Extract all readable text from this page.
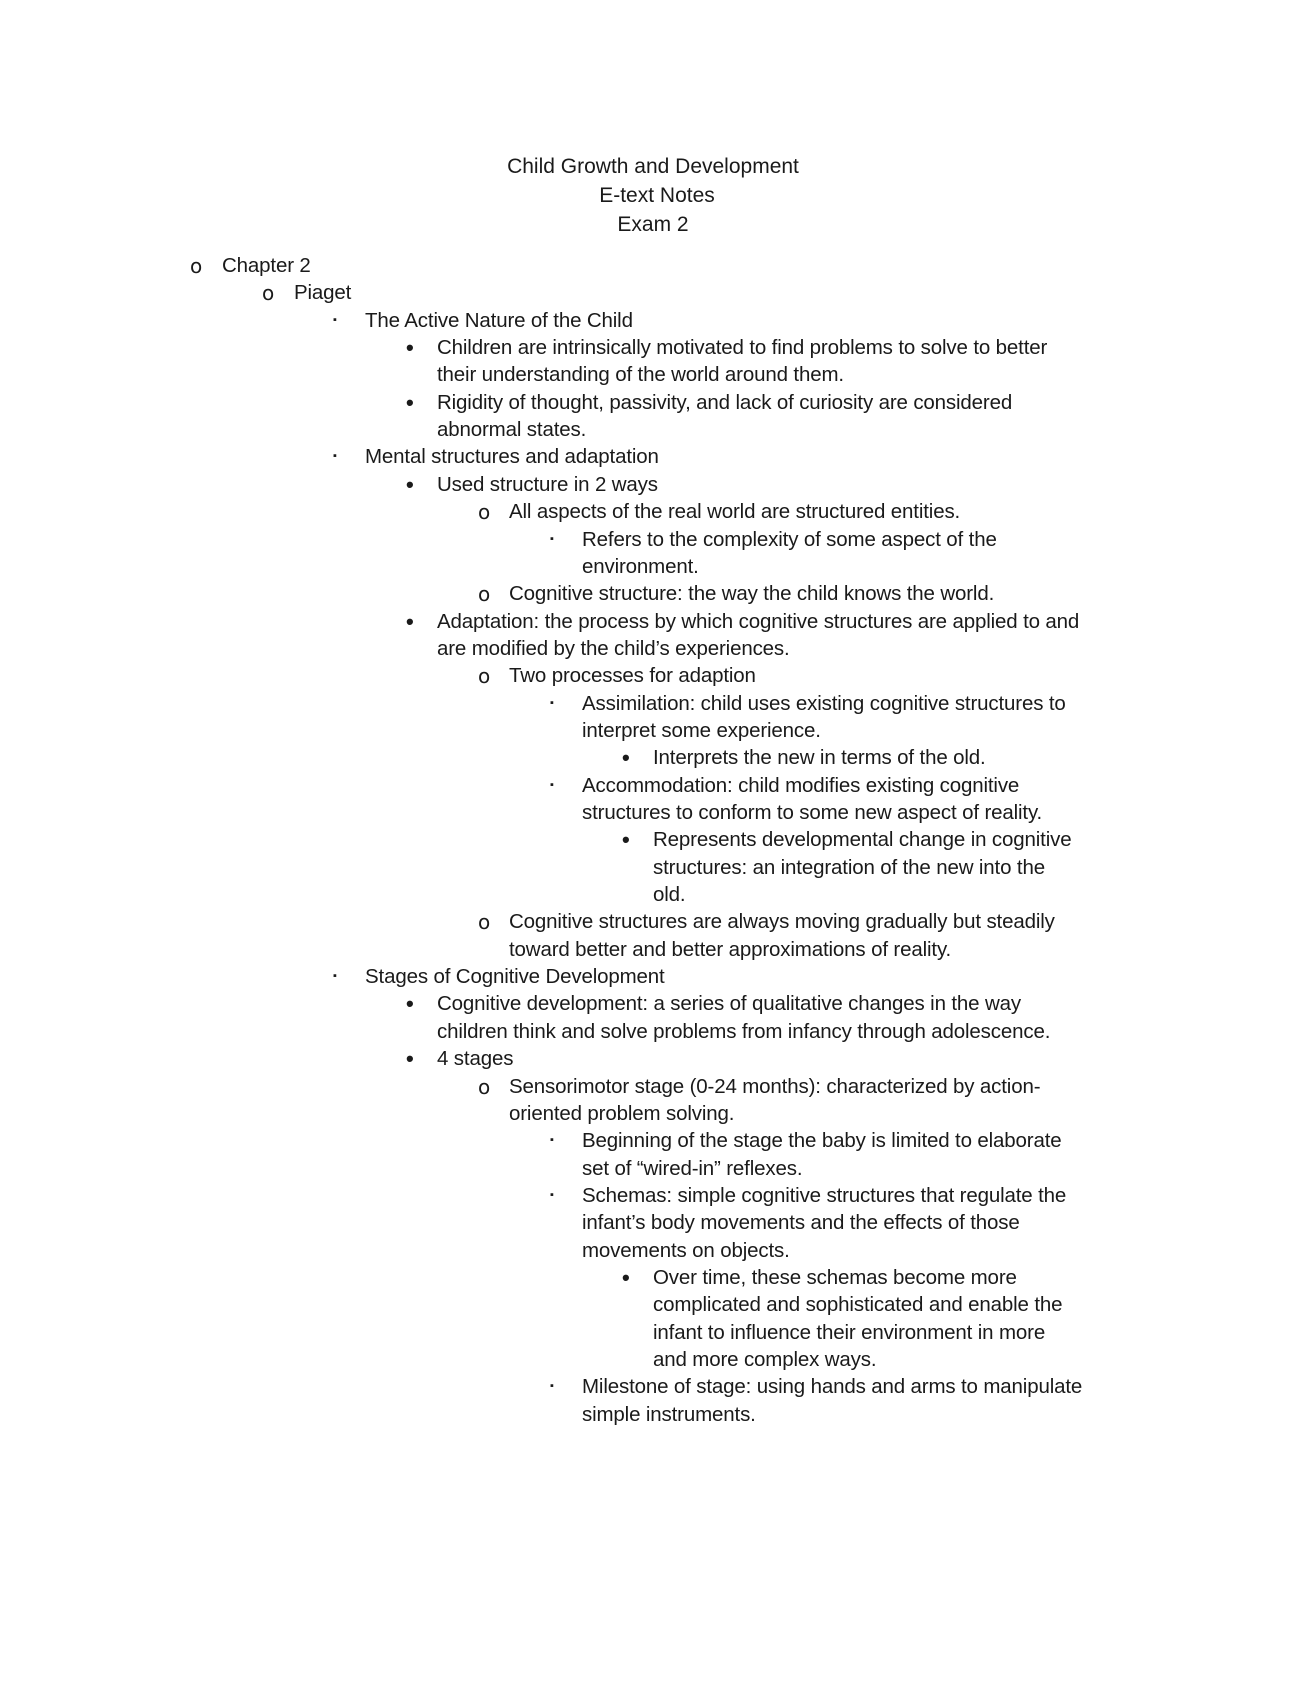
Child Growth and Development
E-text Notes
Exam 2
o Chapter 2
o Piaget
▪ The Active Nature of the Child
• Children are intrinsically motivated to find problems to solve to better
their understanding of the world around them.
• Rigidity of thought, passivity, and lack of curiosity are considered
abnormal states.
▪ Mental structures and adaptation
• Used structure in 2 ways
o All aspects of the real world are structured entities.
▪ Refers to the complexity of some aspect of the
environment.
o Cognitive structure: the way the child knows the world.
• Adaptation: the process by which cognitive structures are applied to and
are modified by the child’s experiences.
o Two processes for adaption
▪ Assimilation: child uses existing cognitive structures to
interpret some experience.
• Interprets the new in terms of the old.
▪ Accommodation: child modifies existing cognitive
structures to conform to some new aspect of reality.
• Represents developmental change in cognitive
structures: an integration of the new into the
old.
o Cognitive structures are always moving gradually but steadily
toward better and better approximations of reality.
▪ Stages of Cognitive Development
• Cognitive development: a series of qualitative changes in the way
children think and solve problems from infancy through adolescence.
• 4 stages
o Sensorimotor stage (0-24 months): characterized by action-
oriented problem solving.
▪ Beginning of the stage the baby is limited to elaborate
set of “wired-in” reflexes.
▪ Schemas: simple cognitive structures that regulate the
infant’s body movements and the effects of those
movements on objects.
• Over time, these schemas become more
complicated and sophisticated and enable the
infant to influence their environment in more
and more complex ways.
▪ Milestone of stage: using hands and arms to manipulate
simple instruments.
